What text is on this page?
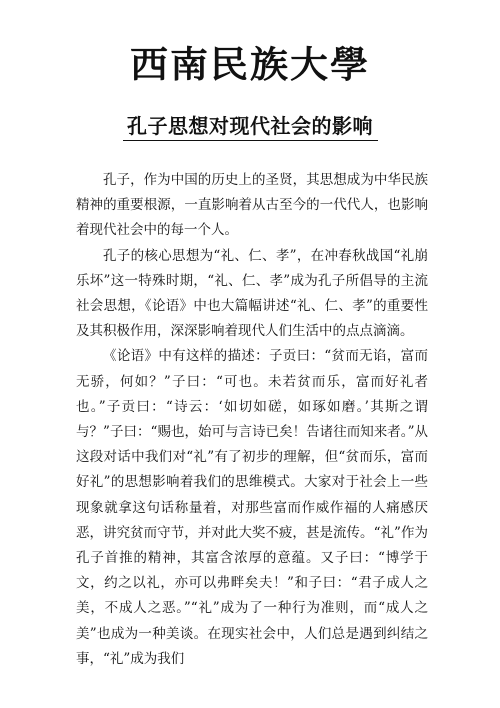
西南民族大學
孔子思想对现代社会的影响

孔子，作为中国的历史上的圣贤，其思想成为中华民族精神的重要根源，一直影响着从古至今的一代代人，也影响着现代社会中的每一个人。

孔子的核心思想为“礼、仁、孝”，在冲春秋战国“礼崩乐坏”这一特殊时期，“礼、仁、孝”成为孔子所倡导的主流社会思想，《论语》中也大篇幅讲述“礼、仁、孝”的重要性及其积极作用，深深影响着现代人们生活中的点点滴滴。

《论语》中有这样的描述：子贡曰：“贫而无谄，富而无骄，何如？”子曰：“可也。未若贫而乐，富而好礼者也。”子贡曰：“诗云：‘如切如磋，如琢如磨。’其斯之谓与？”子曰：“赐也，始可与言诗已矣！告诸往而知来者。”从这段对话中我们对“礼”有了初步的理解，但“贫而乐，富而好礼”的思想影响着我们的思维模式。大家对于社会上一些现象就拿这句话称量着，对那些富而作威作福的人痛感厌恶，讲究贫而守节，并对此大奖不疲，甚是流传。“礼”作为孔子首推的精神，其富含浓厚的意蕴。又子曰：“博学于文，约之以礼，亦可以弗畔矣夫！”和子曰：“君子成人之美，不成人之恶。”“礼”成为了一种行为准则，而“成人之美”也成为一种美谈。在现实社会中，人们总是遇到纠结之事，“礼”成为我们
